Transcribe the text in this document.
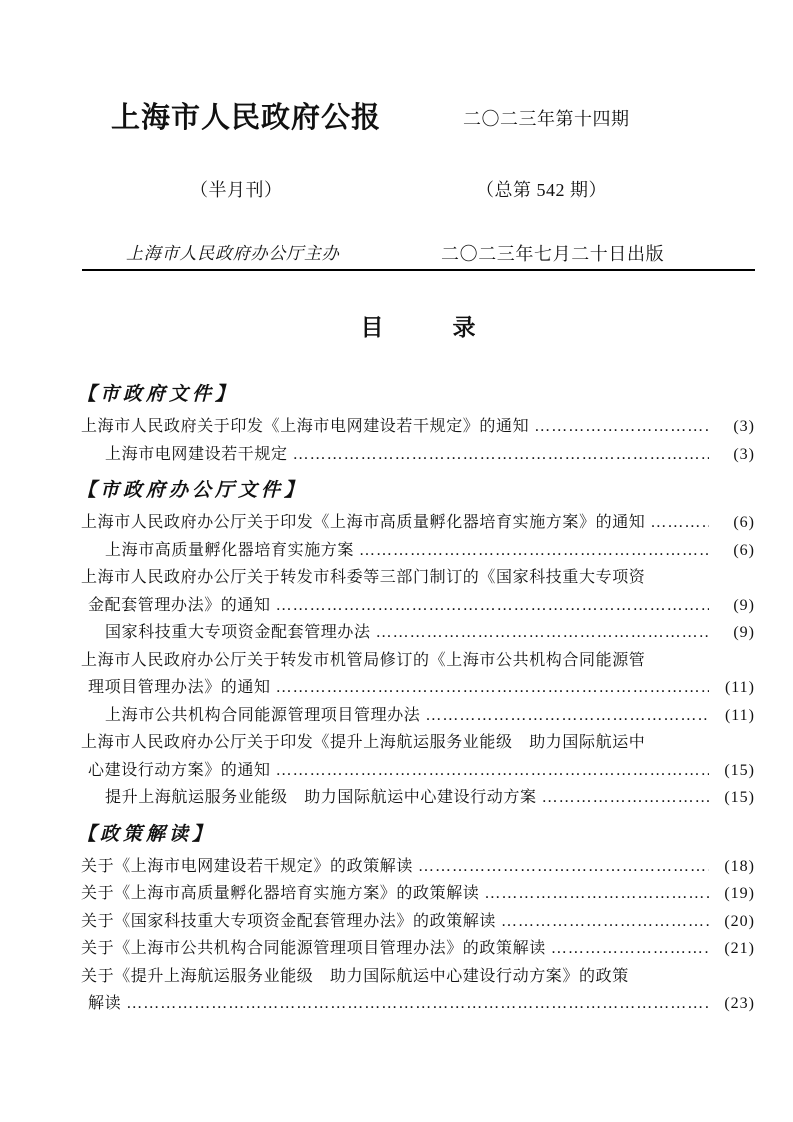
上海市人民政府公报	二〇二三年第十四期
（半月刊）	（总第 542 期）
上海市人民政府办公厅主办	二〇二三年七月二十日出版
目　　　录
【市政府文件】
上海市人民政府关于印发《上海市电网建设若干规定》的通知 ……………………………………………………………………………………………………………………………………………………	(3)
上海市电网建设若干规定 ……………………………………………………………………………………………………………………………………………………	(3)
【市政府办公厅文件】
上海市人民政府办公厅关于印发《上海市高质量孵化器培育实施方案》的通知 ……………………………………………………………………………………………………………………………………………………	(6)
上海市高质量孵化器培育实施方案 ……………………………………………………………………………………………………………………………………………………	(6)
上海市人民政府办公厅关于转发市科委等三部门制订的《国家科技重大专项资
金配套管理办法》的通知 ……………………………………………………………………………………………………………………………………………………	(9)
国家科技重大专项资金配套管理办法 ……………………………………………………………………………………………………………………………………………………	(9)
上海市人民政府办公厅关于转发市机管局修订的《上海市公共机构合同能源管
理项目管理办法》的通知 ……………………………………………………………………………………………………………………………………………………	(11)
上海市公共机构合同能源管理项目管理办法 ……………………………………………………………………………………………………………………………………………………	(11)
上海市人民政府办公厅关于印发《提升上海航运服务业能级　助力国际航运中
心建设行动方案》的通知 ……………………………………………………………………………………………………………………………………………………	(15)
提升上海航运服务业能级　助力国际航运中心建设行动方案 ……………………………………………………………………………………………………………………………………………………	(15)
【政策解读】
关于《上海市电网建设若干规定》的政策解读 ……………………………………………………………………………………………………………………………………………………	(18)
关于《上海市高质量孵化器培育实施方案》的政策解读 ……………………………………………………………………………………………………………………………………………………	(19)
关于《国家科技重大专项资金配套管理办法》的政策解读 ……………………………………………………………………………………………………………………………………………………	(20)
关于《上海市公共机构合同能源管理项目管理办法》的政策解读 ……………………………………………………………………………………………………………………………………………………	(21)
关于《提升上海航运服务业能级　助力国际航运中心建设行动方案》的政策
解读 ……………………………………………………………………………………………………………………………………………………	(23)
